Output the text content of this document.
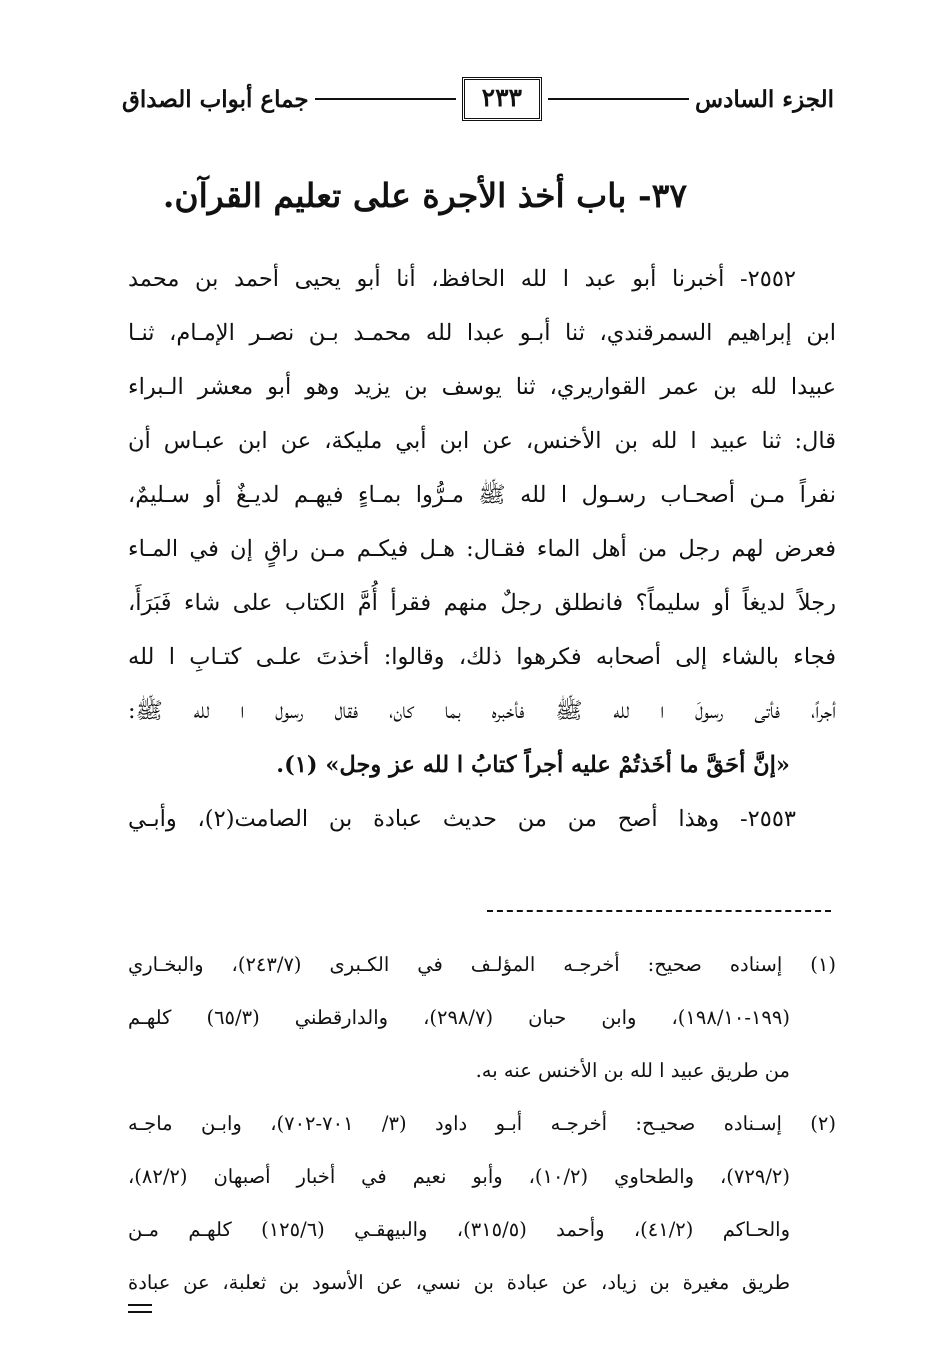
الجزء السادس
٢٣٣
جماع أبواب الصداق
٣٧- باب أخذ الأجرة على تعليم القرآن.
٢٥٥٢- أخبرنا أبو عبد ا لله الحافظ، أنا أبو يحيى أحمد بن محمد
ابن إبراهيم السمرقندي، ثنا أبـو عبدا لله محمـد بـن نصـر الإمـام، ثنـا
عبيدا لله بن عمر القواريري، ثنا يوسف بن يزيد وهو أبو معشر الـبراء
قال: ثنا عبيد ا لله بن الأخنس، عن ابن أبي مليكة، عن ابن عبـاس أن
نفراً مـن أصحـاب رسـول ا لله ﷺ مـرُّوا بمـاءٍ فيهـم لديـغٌ أو سـليمٌ،
فعرض لهم رجل من أهل الماء فقـال: هـل فيكـم مـن راقٍ إن في المـاء
رجلاً لديغاً أو سليماً؟ فانطلق رجلٌ منهم فقرأ أُمَّ الكتاب على شاء فَبَرَأَ،
فجاء بالشاء إلى أصحابه فكرهوا ذلك، وقالوا: أخذتَ علـى كتـابِ ا لله
أجراً، فأتى رسولَ ا لله ﷺ فأخبره بما كان، فقال رسول ا لله ﷺ:
«إنَّ أحَقَّ ما أخَذتُمْ عليه أجراً كتابُ ا لله عز وجل» (١).
٢٥٥٣- وهذا أصح من من حديث عبادة بن الصامت(٢)، وأبـي
(١) إسناده صحيح: أخرجـه المؤلـف في الكـبرى (٢٤٣/٧)، والبخـاري
(١٩٩-١٩٨/١٠)، وابن حبان (٢٩٨/٧)، والدارقطني (٦٥/٣) كلهـم
من طريق عبيد ا لله بن الأخنس عنه به.
(٢) إسـناده صحيـح: أخرجـه أبـو داود (٣/ ٧٠١-٧٠٢)، وابـن ماجـه
(٧٢٩/٢)، والطحاوي (١٠/٢)، وأبو نعيم في أخبار أصبهان (٨٢/٢)،
والحـاكم (٤١/٢)، وأحمد (٣١٥/٥)، والبيهقـي (١٢٥/٦) كلهـم مـن
طريق مغيرة بن زياد، عن عبادة بن نسي، عن الأسود بن ثعلبة، عن عبادة
